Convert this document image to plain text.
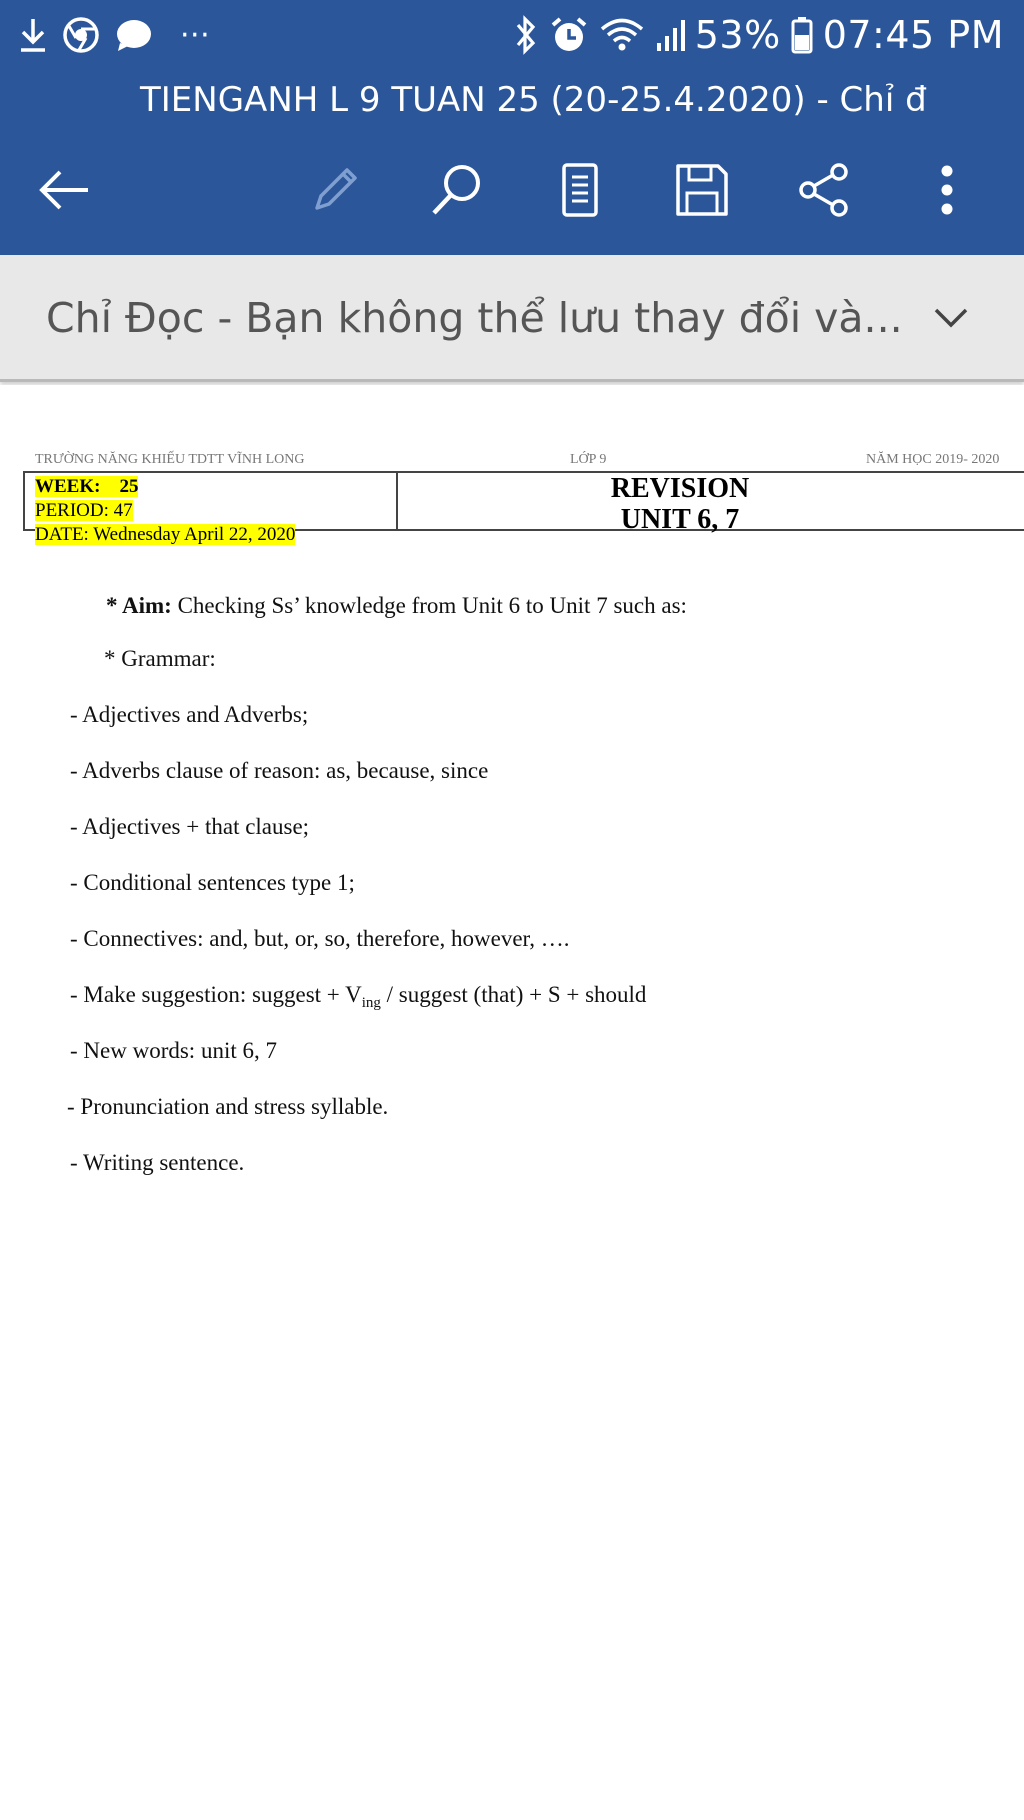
···	53% 07:45 PM
TIENGANH L 9 TUAN 25 (20-25.4.2020) - Chỉ đ
Chỉ Đọc - Bạn không thể lưu thay đổi và...
TRƯỜNG NĂNG KHIẾU TDTT VĨNH LONG	LỚP 9	NĂM HỌC 2019- 2020
WEEK: 25
PERIOD: 47
DATE: Wednesday April 22, 2020
REVISION
UNIT 6, 7
* Aim: Checking Ss’ knowledge from Unit 6 to Unit 7 such as:
* Grammar:
- Adjectives and Adverbs;
- Adverbs clause of reason: as, because, since
- Adjectives + that clause;
- Conditional sentences type 1;
- Connectives: and, but, or, so, therefore, however, ….
- Make suggestion: suggest + $V_{ing}$ / suggest (that) + S + should
- New words: unit 6, 7
- Pronunciation and stress syllable.
- Writing sentence.
